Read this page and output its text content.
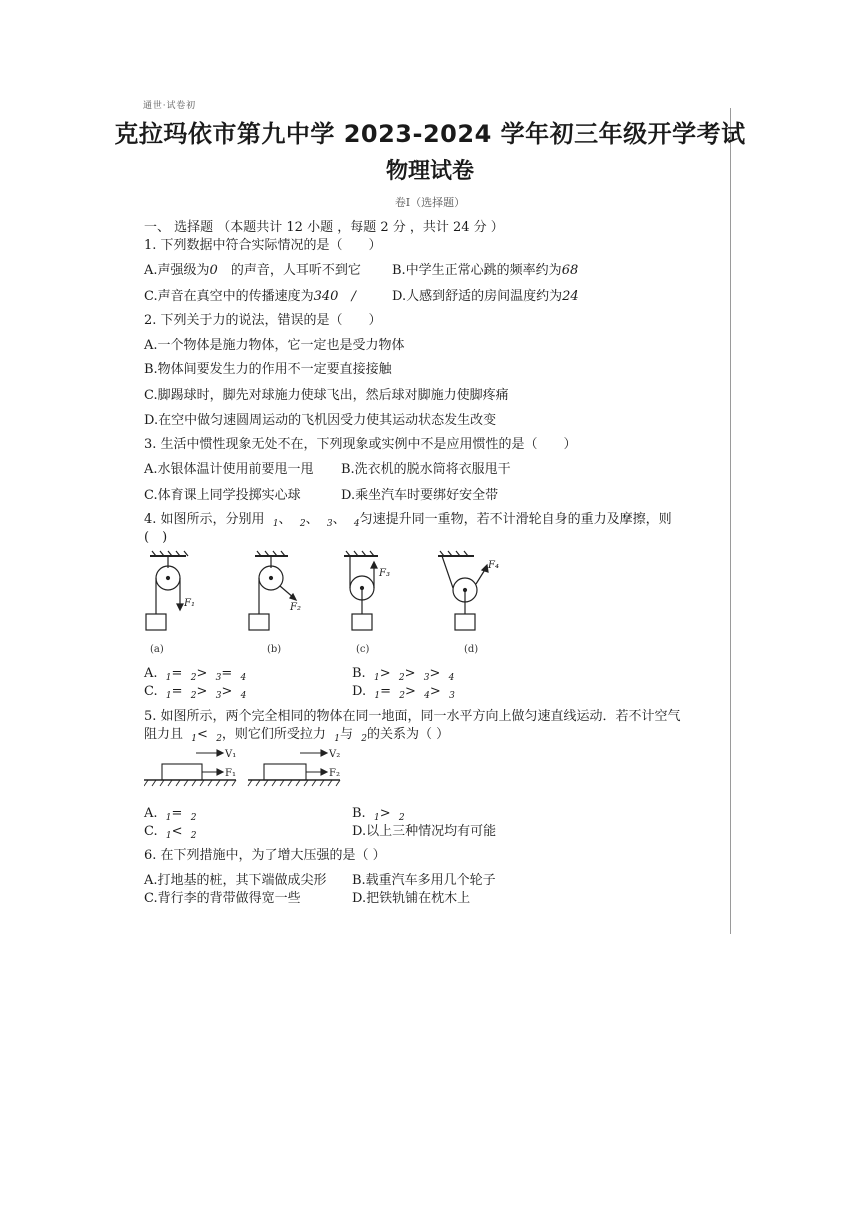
通 世 · 试 卷 初
克拉玛依市第九中学 2023-2024 学年初三年级开学考试
物理试卷
卷Ⅰ（选择题）
一、 选择题 （本题共计 12 小题 ，每题 2 分 ，共计 24 分 ）
1. 下列数据中符合实际情况的是（　　）
A.声强级为0　的声音，人耳听不到它 B.中学生正常心跳的频率约为68
C.声音在真空中的传播速度为340　/	D.人感到舒适的房间温度约为24
2. 下列关于力的说法，错误的是（　　）
A.一个物体是施力物体，它一定也是受力物体
B.物体间要发生力的作用不一定要直接接触
C.脚踢球时，脚先对球施力使球飞出，然后球对脚施力使脚疼痛
D.在空中做匀速圆周运动的飞机因受力使其运动状态发生改变
3. 生活中惯性现象无处不在，下列现象或实例中不是应用惯性的是（　　）
A.水银体温计使用前要甩一甩 B.洗衣机的脱水筒将衣服甩干
C.体育课上同学投掷实心球	D.乘坐汽车时要绑好安全带
4. 如图所示，分别用 $_1$、 $_2$、 $_3$、 $_4$匀速提升同一重物，若不计滑轮自身的重力及摩擦，则
(　)
F₁	F₂
F₃
F₄
(a)	(b)	(c)	(d)
A. $_1$= $_2$> $_3$= $_4$	B. $_1$> $_2$> $_3$> $_4$
C. $_1$= $_2$> $_3$> $_4$	D. $_1$= $_2$> $_4$> $_3$
5. 如图所示，两个完全相同的物体在同一地面，同一水平方向上做匀速直线运动．若不计空气
阻力且 $_1$< $_2$，则它们所受拉力 $_1$与 $_2$的关系为（ ）
V₁
F₁
V₂
F₂
A. $_1$= $_2$	B. $_1$> $_2$
C. $_1$< $_2$	D.以上三种情况均有可能
6. 在下列措施中，为了增大压强的是（ ）
A.打地基的桩，其下端做成尖形 B.载重汽车多用几个轮子
C.背行李的背带做得宽一些	D.把铁轨铺在枕木上
